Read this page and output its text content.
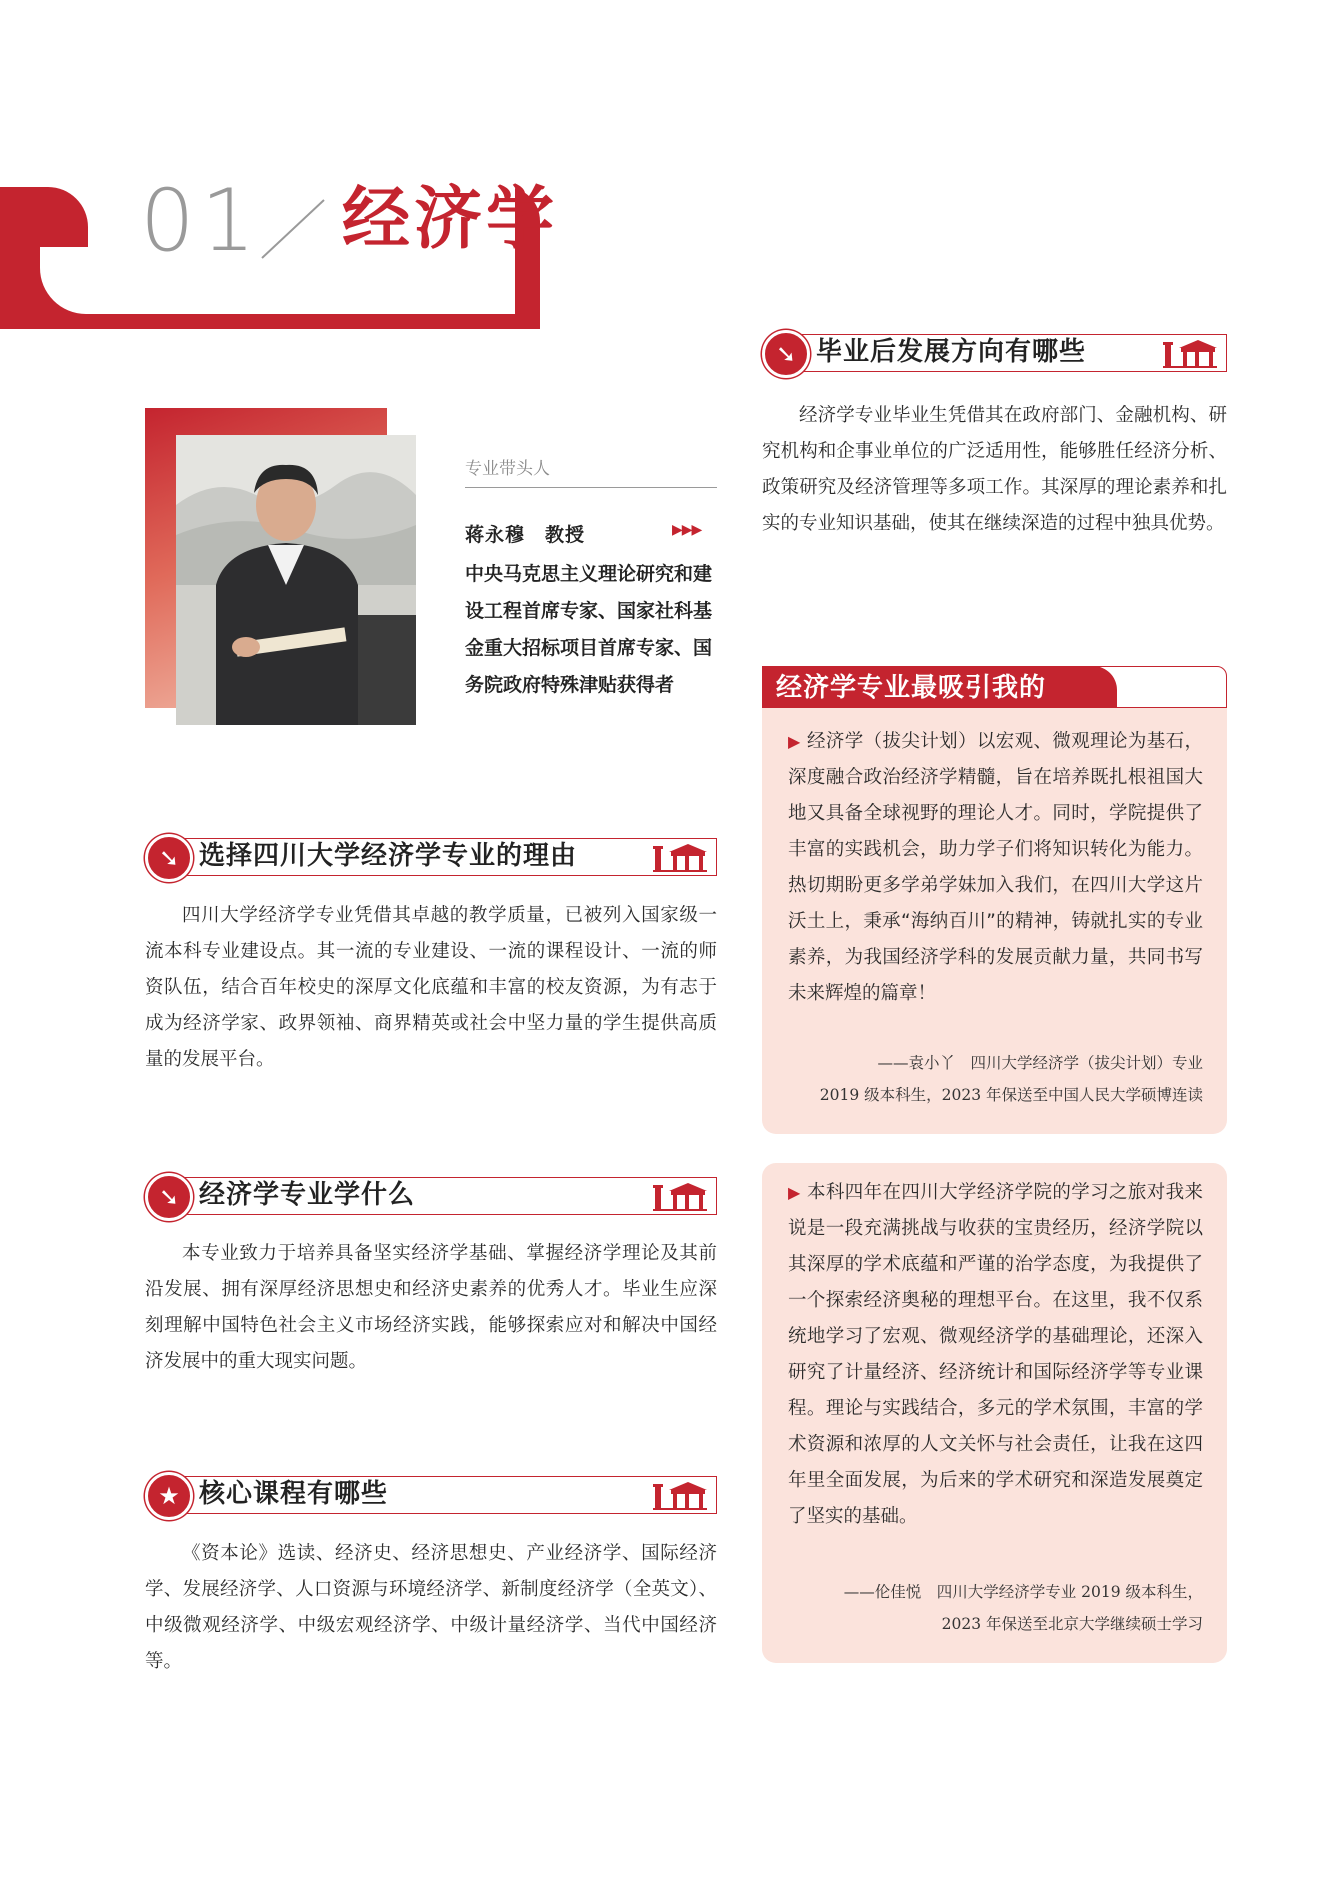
01 经济学
专业带头人
蒋永穆　教授	▶▶▶
中央马克思主义理论研究和建设工程首席专家、国家社科基金重大招标项目首席专家、国务院政府特殊津贴获得者
➘ 选择四川大学经济学专业的理由
四川大学经济学专业凭借其卓越的教学质量，已被列入国家级一流本科专业建设点。其一流的专业建设、一流的课程设计、一流的师资队伍，结合百年校史的深厚文化底蕴和丰富的校友资源，为有志于成为经济学家、政界领袖、商界精英或社会中坚力量的学生提供高质量的发展平台。
➘ 经济学专业学什么
本专业致力于培养具备坚实经济学基础、掌握经济学理论及其前沿发展、拥有深厚经济思想史和经济史素养的优秀人才。毕业生应深刻理解中国特色社会主义市场经济实践，能够探索应对和解决中国经济发展中的重大现实问题。
★ 核心课程有哪些
《资本论》选读、经济史、经济思想史、产业经济学、国际经济学、发展经济学、人口资源与环境经济学、新制度经济学（全英文）、中级微观经济学、中级宏观经济学、中级计量经济学、当代中国经济等。
➘ 毕业后发展方向有哪些
经济学专业毕业生凭借其在政府部门、金融机构、研究机构和企事业单位的广泛适用性，能够胜任经济分析、政策研究及经济管理等多项工作。其深厚的理论素养和扎实的专业知识基础，使其在继续深造的过程中独具优势。
经济学专业最吸引我的
▶ 经济学（拔尖计划）以宏观、微观理论为基石，深度融合政治经济学精髓，旨在培养既扎根祖国大地又具备全球视野的理论人才。同时，学院提供了丰富的实践机会，助力学子们将知识转化为能力。热切期盼更多学弟学妹加入我们，在四川大学这片沃土上，秉承“海纳百川”的精神，铸就扎实的专业素养，为我国经济学科的发展贡献力量，共同书写未来辉煌的篇章！
——袁小丫　四川大学经济学（拔尖计划）专业
2019 级本科生，2023 年保送至中国人民大学硕博连读
▶ 本科四年在四川大学经济学院的学习之旅对我来说是一段充满挑战与收获的宝贵经历，经济学院以其深厚的学术底蕴和严谨的治学态度，为我提供了一个探索经济奥秘的理想平台。在这里，我不仅系统地学习了宏观、微观经济学的基础理论，还深入研究了计量经济、经济统计和国际经济学等专业课程。理论与实践结合，多元的学术氛围，丰富的学术资源和浓厚的人文关怀与社会责任，让我在这四年里全面发展，为后来的学术研究和深造发展奠定了坚实的基础。
——伦佳悦　四川大学经济学专业 2019 级本科生，
2023 年保送至北京大学继续硕士学习
